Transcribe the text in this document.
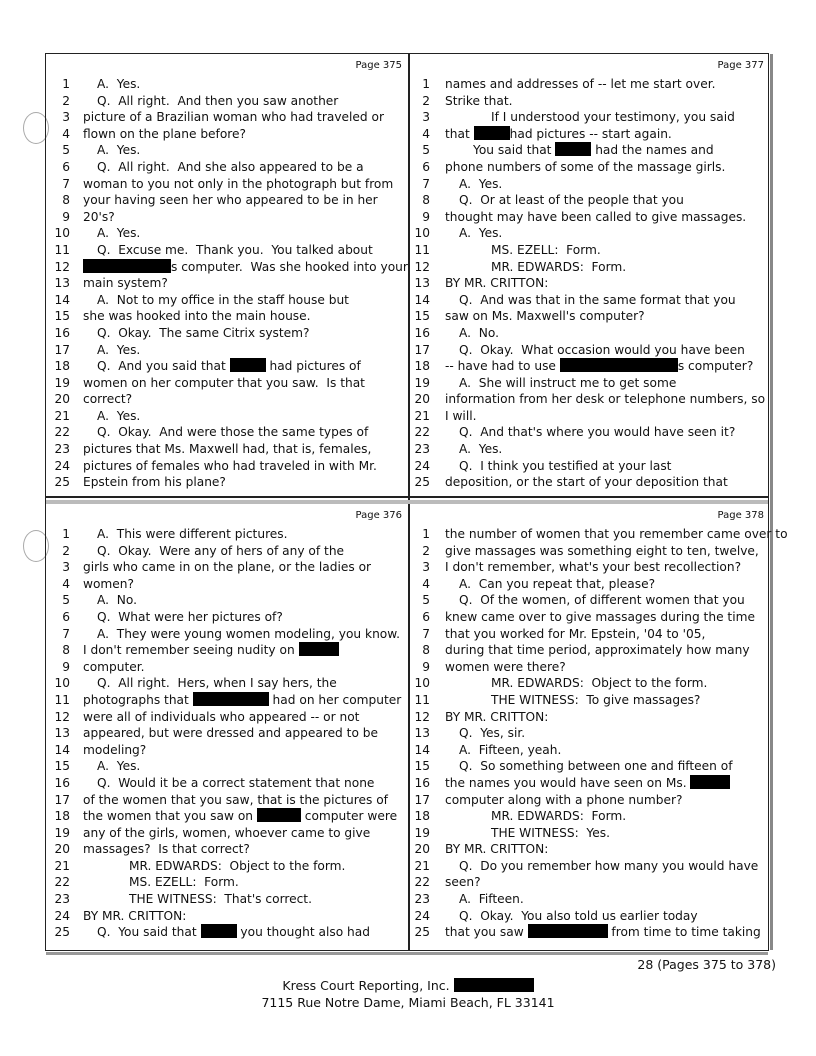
Page 375
1	A.  Yes.
2	Q.  All right.  And then you saw another
3 picture of a Brazilian woman who had traveled or
4 flown on the plane before?
5	A.  Yes.
6	Q.  All right.  And she also appeared to be a
7 woman to you not only in the photograph but from
8 your having seen her who appeared to be in her
9 20's?
10	A.  Yes.
11	Q.  Excuse me.  Thank you.  You talked about
12	s computer.  Was she hooked into your
13 main system?
14	A.  Not to my office in the staff house but
15 she was hooked into the main house.
16	Q.  Okay.  The same Citrix system?
17	A.  Yes.
18	Q.  And you said that	had pictures of
19 women on her computer that you saw.  Is that
20 correct?
21	A.  Yes.
22	Q.  Okay.  And were those the same types of
23 pictures that Ms. Maxwell had, that is, females,
24 pictures of females who had traveled in with Mr.
25 Epstein from his plane?
Page 377
1 names and addresses of -- let me start over.
2 Strike that.
3	If I understood your testimony, you said
4 that	had pictures -- start again.
5	You said that	had the names and
6 phone numbers of some of the massage girls.
7	A.  Yes.
8	Q.  Or at least of the people that you
9 thought may have been called to give massages.
10	A.  Yes.
11	MS. EZELL:  Form.
12	MR. EDWARDS:  Form.
13 BY MR. CRITTON:
14	Q.  And was that in the same format that you
15 saw on Ms. Maxwell's computer?
16	A.  No.
17	Q.  Okay.  What occasion would you have been
18 -- have had to use	s computer?
19	A.  She will instruct me to get some
20 information from her desk or telephone numbers, so
21 I will.
22	Q.  And that's where you would have seen it?
23	A.  Yes.
24	Q.  I think you testified at your last
25 deposition, or the start of your deposition that
Page 376
1	A.  This were different pictures.
2	Q.  Okay.  Were any of hers of any of the
3 girls who came in on the plane, or the ladies or
4 women?
5	A.  No.
6	Q.  What were her pictures of?
7	A.  They were young women modeling, you know.
8 I don't remember seeing nudity on
9 computer.
10	Q.  All right.  Hers, when I say hers, the
11 photographs that	had on her computer
12 were all of individuals who appeared -- or not
13 appeared, but were dressed and appeared to be
14 modeling?
15	A.  Yes.
16	Q.  Would it be a correct statement that none
17 of the women that you saw, that is the pictures of
18 the women that you saw on	computer were
19 any of the girls, women, whoever came to give
20 massages?  Is that correct?
21	MR. EDWARDS:  Object to the form.
22	MS. EZELL:  Form.
23	THE WITNESS:  That's correct.
24 BY MR. CRITTON:
25	Q.  You said that	you thought also had
Page 378
1 the number of women that you remember came over to
2 give massages was something eight to ten, twelve,
3 I don't remember, what's your best recollection?
4	A.  Can you repeat that, please?
5	Q.  Of the women, of different women that you
6 knew came over to give massages during the time
7 that you worked for Mr. Epstein, '04 to '05,
8 during that time period, approximately how many
9 women were there?
10	MR. EDWARDS:  Object to the form.
11	THE WITNESS:  To give massages?
12 BY MR. CRITTON:
13	Q.  Yes, sir.
14	A.  Fifteen, yeah.
15	Q.  So something between one and fifteen of
16 the names you would have seen on Ms.
17 computer along with a phone number?
18	MR. EDWARDS:  Form.
19	THE WITNESS:  Yes.
20 BY MR. CRITTON:
21	Q.  Do you remember how many you would have
22 seen?
23	A.  Fifteen.
24	Q.  Okay.  You also told us earlier today
25 that you saw	from time to time taking
28 (Pages 375 to 378)
Kress Court Reporting, Inc.
7115 Rue Notre Dame, Miami Beach, FL 33141
